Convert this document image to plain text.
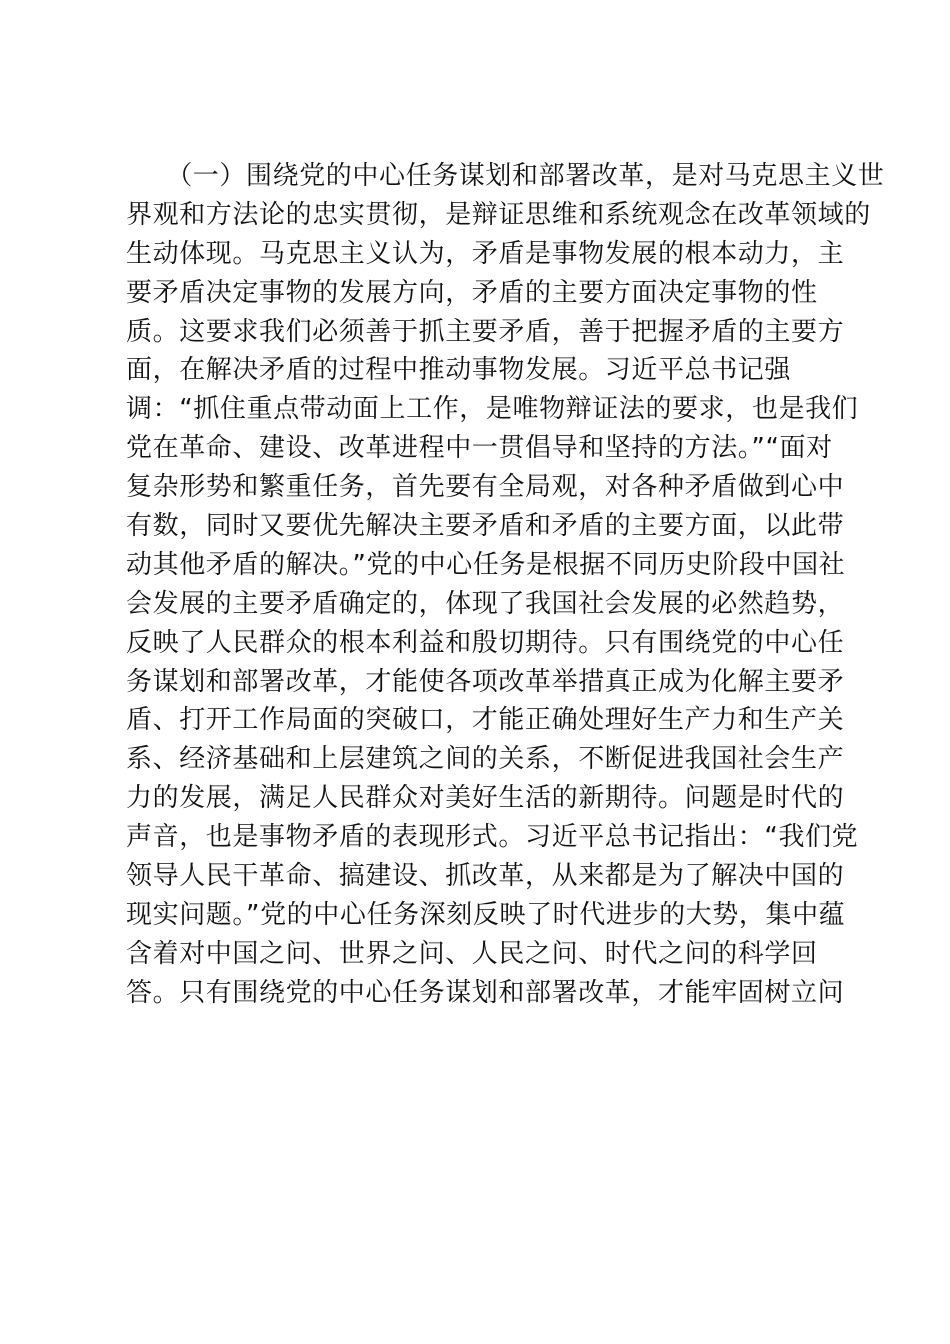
　　（一）围绕党的中心任务谋划和部署改革，是对马克思主义世
界观和方法论的忠实贯彻，是辩证思维和系统观念在改革领域的
生动体现。马克思主义认为，矛盾是事物发展的根本动力，主
要矛盾决定事物的发展方向，矛盾的主要方面决定事物的性
质。这要求我们必须善于抓主要矛盾，善于把握矛盾的主要方
面，在解决矛盾的过程中推动事物发展。习近平总书记强
调：“抓住重点带动面上工作，是唯物辩证法的要求，也是我们
党在革命、建设、改革进程中一贯倡导和坚持的方法。”“面对
复杂形势和繁重任务，首先要有全局观，对各种矛盾做到心中
有数，同时又要优先解决主要矛盾和矛盾的主要方面，以此带
动其他矛盾的解决。”党的中心任务是根据不同历史阶段中国社
会发展的主要矛盾确定的，体现了我国社会发展的必然趋势，
反映了人民群众的根本利益和殷切期待。只有围绕党的中心任
务谋划和部署改革，才能使各项改革举措真正成为化解主要矛
盾、打开工作局面的突破口，才能正确处理好生产力和生产关
系、经济基础和上层建筑之间的关系，不断促进我国社会生产
力的发展，满足人民群众对美好生活的新期待。问题是时代的
声音，也是事物矛盾的表现形式。习近平总书记指出：“我们党
领导人民干革命、搞建设、抓改革，从来都是为了解决中国的
现实问题。”党的中心任务深刻反映了时代进步的大势，集中蕴
含着对中国之问、世界之问、人民之问、时代之问的科学回
答。只有围绕党的中心任务谋划和部署改革，才能牢固树立问
